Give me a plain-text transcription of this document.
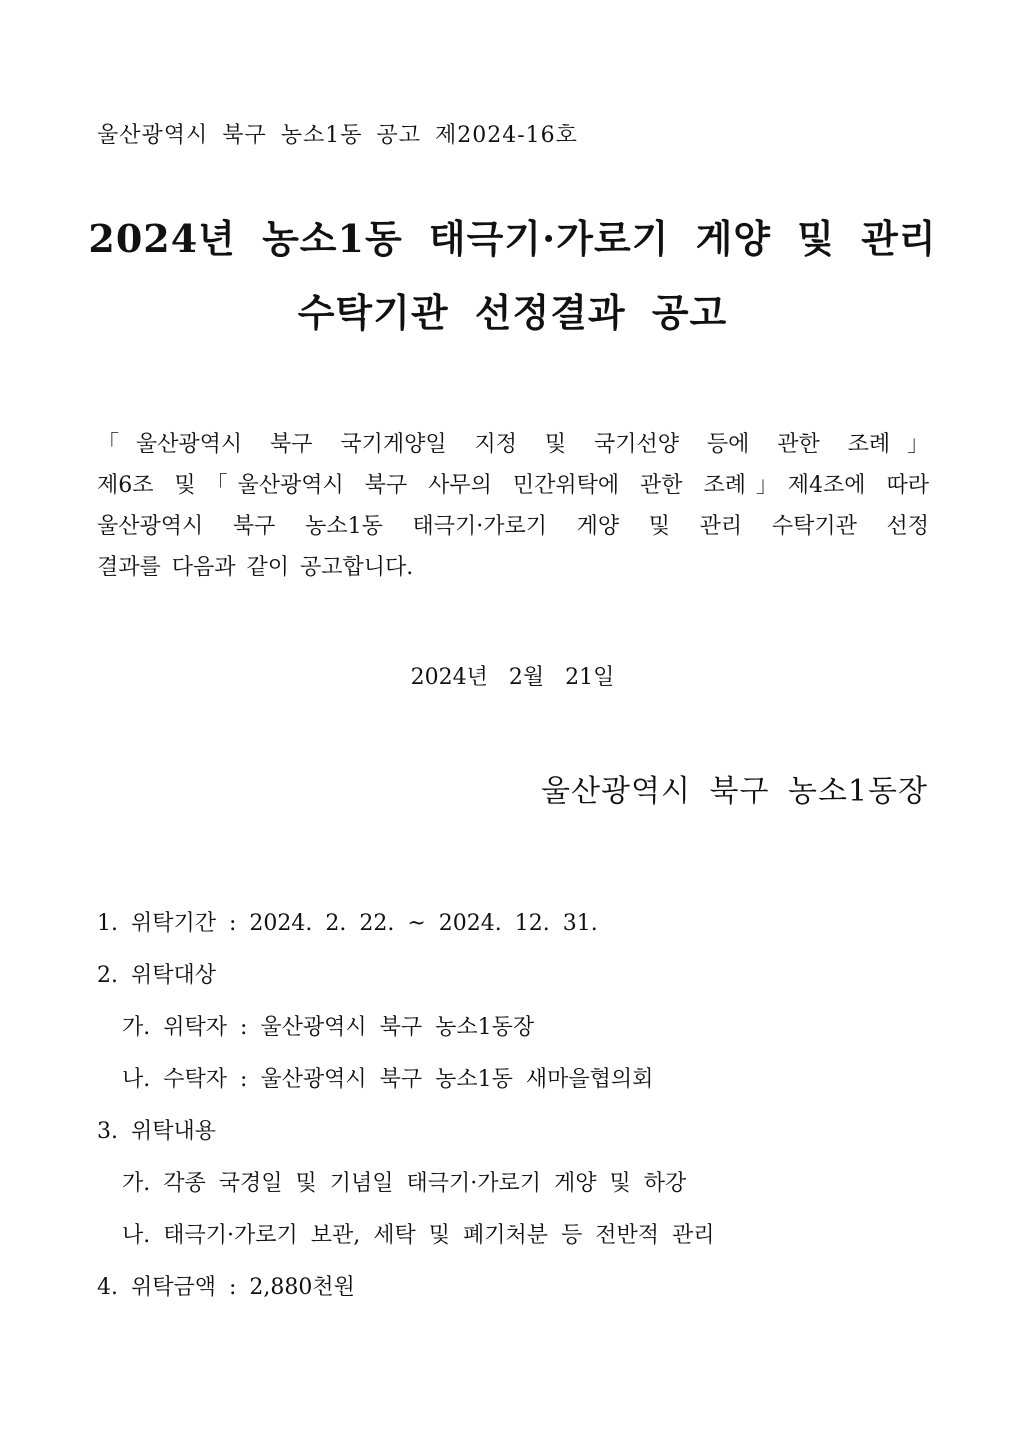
울산광역시 북구 농소1동 공고 제2024-16호
2024년 농소1동 태극기·가로기 게양 및 관리
수탁기관 선정결과 공고
「울산광역시 북구 국기게양일 지정 및 국기선양 등에 관한 조례」
제6조 및「울산광역시 북구 사무의 민간위탁에 관한 조례」제4조에 따라
울산광역시 북구 농소1동 태극기·가로기 게양 및 관리 수탁기관 선정
결과를 다음과 같이 공고합니다.
2024년 2월 21일
울산광역시 북구 농소1동장
1. 위탁기간 : 2024. 2. 22. ~ 2024. 12. 31.
2. 위탁대상
가. 위탁자 : 울산광역시 북구 농소1동장
나. 수탁자 : 울산광역시 북구 농소1동 새마을협의회
3. 위탁내용
가. 각종 국경일 및 기념일 태극기·가로기 게양 및 하강
나. 태극기·가로기 보관, 세탁 및 폐기처분 등 전반적 관리
4. 위탁금액 : 2,880천원
